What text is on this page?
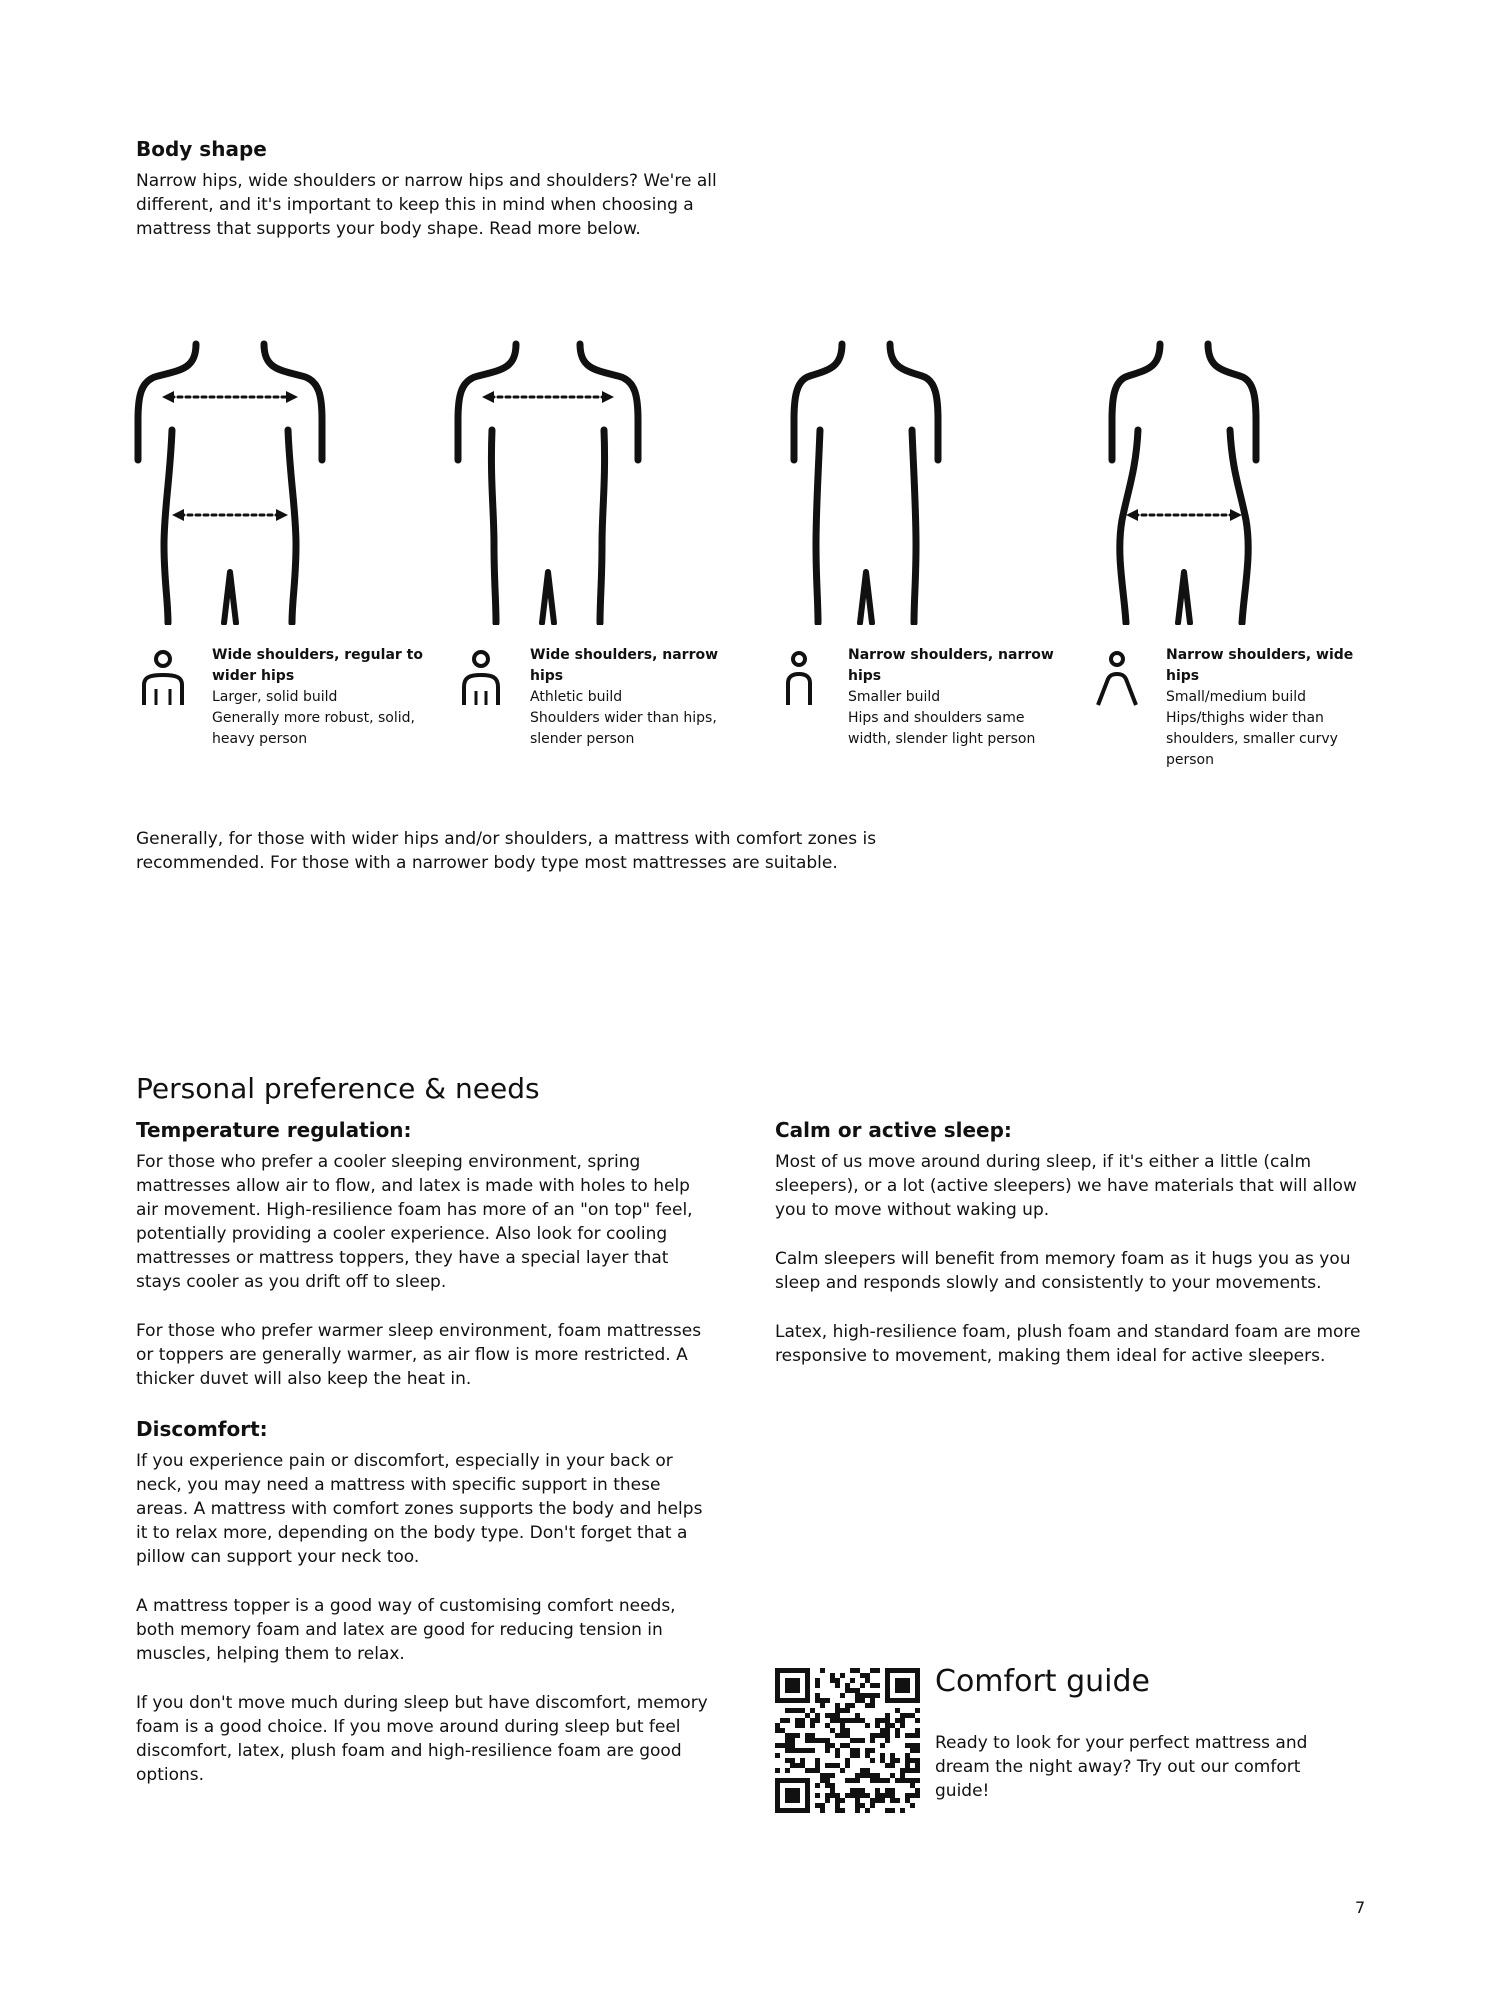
Body shape

Narrow hips, wide shoulders or narrow hips and shoulders? We're all different, and it's important to keep this in mind when choosing a mattress that supports your body shape. Read more below.

Wide shoulders, regular to wider hips
Larger, solid build
Generally more robust, solid, heavy person
Wide shoulders, narrow hips
Athletic build
Shoulders wider than hips, slender person
Narrow shoulders, narrow hips
Smaller build
Hips and shoulders same width, slender light person
Narrow shoulders, wide hips
Small/medium build
Hips/thighs wider than shoulders, smaller curvy person

Generally, for those with wider hips and/or shoulders, a mattress with comfort zones is recommended. For those with a narrower body type most mattresses are suitable.

Personal preference & needs
Temperature regulation:

For those who prefer a cooler sleeping environment, spring mattresses allow air to flow, and latex is made with holes to help air movement. High-resilience foam has more of an "on top" feel, potentially providing a cooler experience. Also look for cooling mattresses or mattress toppers, they have a special layer that stays cooler as you drift off to sleep.

For those who prefer warmer sleep environment, foam mattresses or toppers are generally warmer, as air flow is more restricted. A thicker duvet will also keep the heat in.

Discomfort:

If you experience pain or discomfort, especially in your back or neck, you may need a mattress with specific support in these areas. A mattress with comfort zones supports the body and helps it to relax more, depending on the body type. Don't forget that a pillow can support your neck too.

A mattress topper is a good way of customising comfort needs, both memory foam and latex are good for reducing tension in muscles, helping them to relax.

If you don't move much during sleep but have discomfort, memory foam is a good choice. If you move around during sleep but feel discomfort, latex, plush foam and high-resilience foam are good options.

Calm or active sleep:

Most of us move around during sleep, if it's either a little (calm sleepers), or a lot (active sleepers) we have materials that will allow you to move without waking up.

Calm sleepers will benefit from memory foam as it hugs you as you sleep and responds slowly and consistently to your movements.

Latex, high-resilience foam, plush foam and standard foam are more responsive to movement, making them ideal for active sleepers.

Comfort guide

Ready to look for your perfect mattress and dream the night away? Try out our comfort guide!

7
